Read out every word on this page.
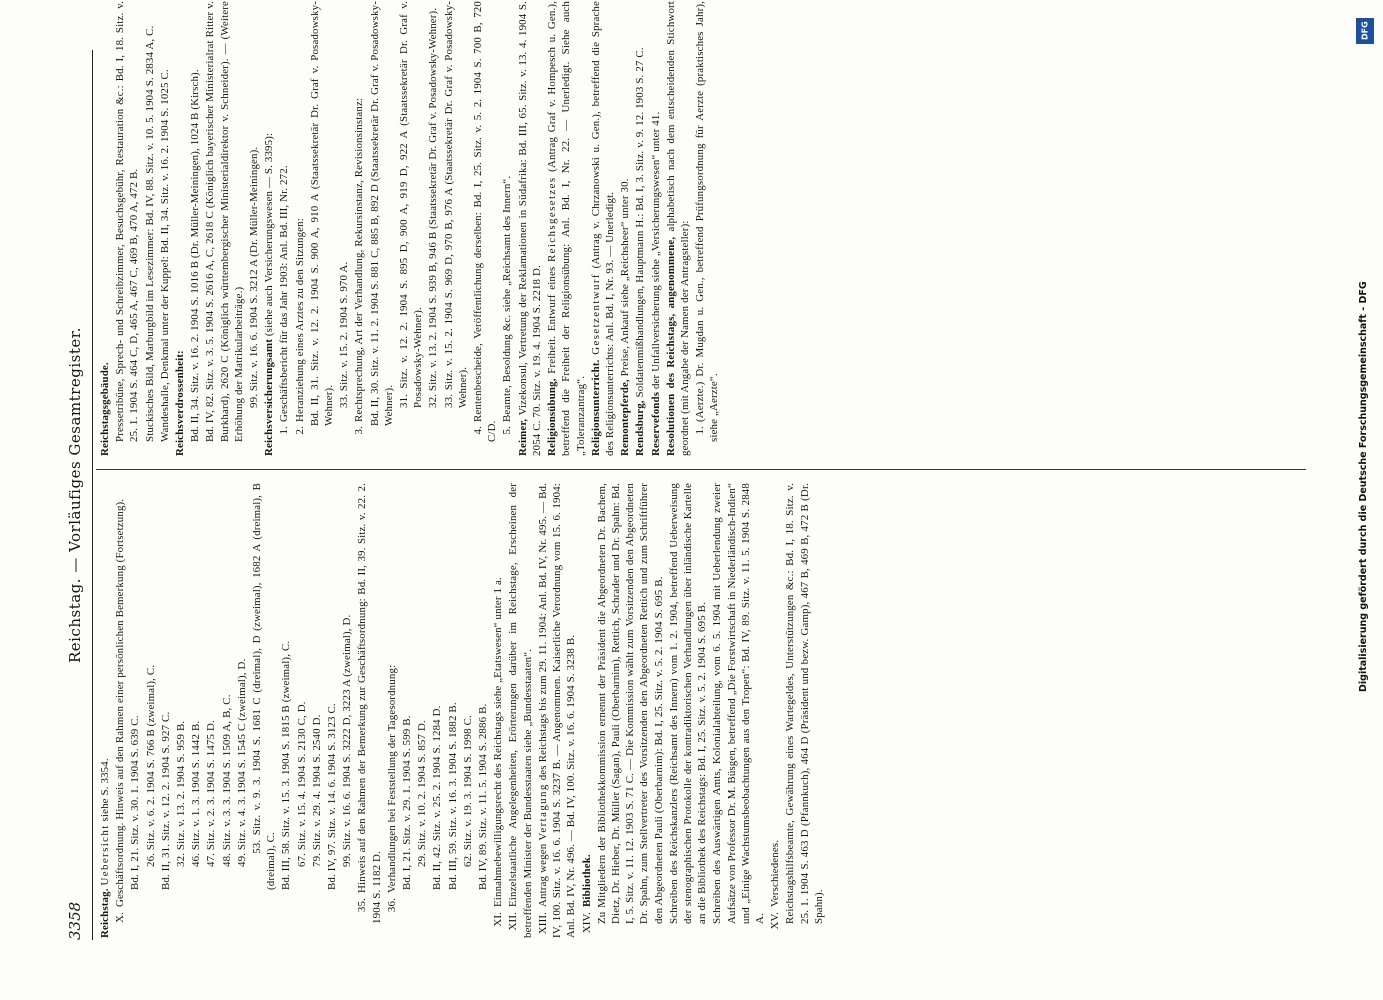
3358
Reichstag. — Vorläufiges Gesamtregister.
Reichstag. Uebersicht siehe S. 3354.
X.Geschäftsordnung. Hinweis auf den Rahmen einer persönlichen Bemerkung (Fortsetzung). Bd. I, 21. Sitz. v. 30. 1. 1904 S. 639 C. 26. Sitz. v. 6. 2. 1904 S. 766 B (zweimal), C. Bd. II, 31. Sitz. v. 12. 2. 1904 S. 927 C. 32. Sitz. v. 13. 2. 1904 S. 959 B. 46. Sitz. v. 1. 3. 1904 S. 1442 B. 47. Sitz. v. 2. 3. 1904 S. 1475 D. 48. Sitz. v. 3. 3. 1904 S. 1509 A, B, C. 49. Sitz. v. 4. 3. 1904 S. 1545 C (zweimal), D. 53. Sitz. v. 9. 3. 1904 S. 1681 C (dreimal), D (zweimal), 1682 A (dreimal), B (dreimal), C. Bd. III, 58. Sitz. v. 15. 3. 1904 S. 1815 B (zweimal), C. 67. Sitz. v. 15. 4. 1904 S. 2130 C, D. 79. Sitz. v. 29. 4. 1904 S. 2540 D. Bd. IV, 97. Sitz. v. 14. 6. 1904 S. 3123 C. 99. Sitz. v. 16. 6. 1904 S. 3222 D, 3223 A (zweimal), D.
35.Hinweis auf den Rahmen der Bemerkung zur Geschäftsordnung: Bd. II, 39. Sitz. v. 22. 2. 1904 S. 1182 D. 36.Verhandlungen bei Feststellung der Tagesordnung: Bd. I, 21. Sitz. v. 29. 1. 1904 S. 599 B. 29. Sitz. v. 10. 2. 1904 S. 857 D. Bd. II, 42. Sitz. v. 25. 2. 1904 S. 1284 D. Bd. III, 59. Sitz. v. 16. 3. 1904 S. 1882 B. 62. Sitz. v. 19. 3. 1904 S. 1998 C. Bd. IV, 89. Sitz. v. 11. 5. 1904 S. 2886 B.
XI.Einnahmebewilligungsrecht des Reichstags siehe „Etatswesen“ unter 1 a.
XII.Einzelstaatliche Angelegenheiten, Erörterungen darüber im Reichstage, Erscheinen der betreffenden Minister der Bundesstaaten siehe „Bundesstaaten“. XIII.Antrag wegen Vertagung des Reichstags bis zum 29. 11. 1904: Anl. Bd. IV, Nr. 495. — Bd. IV, 100. Sitz. v. 16. 6. 1904 S. 3237 B. — Angenommen. Kaiserliche Verordnung vom 15. 6. 1904: Anl. Bd. IV, Nr. 496. — Bd. IV, 100. Sitz. v. 16. 6. 1904 S. 3238 B. XIV.Bibliothek. Zu Mitgliedern der Bibliothekkommission ernennt der Präsident die Abgeordneten Dr. Bachem, Dietz, Dr. Hieber, Dr. Müller (Sagan), Pauli (Oberbarnim), Rettich, Schrader und Dr. Spahn: Bd. I, 5. Sitz. v. 11. 12. 1903 S. 71 C. — Die Kommission wählt zum Vorsitzenden den Abgeordneten Dr. Spahn, zum Stellvertreter des Vorsitzenden den Abgeordneten Rettich und zum Schriftführer den Abgeordneten Pauli (Oberbarnim): Bd. I, 25. Sitz. v. 5. 2. 1904 S. 695 B. Schreiben des Reichskanzlers (Reichsamt des Innern) vom 1. 2. 1904, betreffend Ueberweisung der stenographischen Protokolle der kontradiktorischen Verhandlungen über inländische Kartelle an die Bibliothek des Reichstags: Bd. I, 25. Sitz. v. 5. 2. 1904 S. 695 B. Schreiben des Auswärtigen Amts, Kolonialabteilung, vom 6. 5. 1904 mit Ueberlendung zweier Aufsätze von Professor Dr. M. Büsgen, betreffend „Die Forstwirtschaft in Niederländisch-Indien“ und „Einige Wachstumsbeobachtungen aus den Tropen“: Bd. IV, 89. Sitz. v. 11. 5. 1904 S. 2848 A. XV.Verschiedenes. Reichstagshilfsbeamte, Gewährung eines Wartegeldes, Unterstützungen &c.: Bd. I, 18. Sitz. v. 25. 1. 1904 S. 463 D (Pfannkuch), 464 D (Präsident und bezw. Gamp), 467 B, 469 B, 472 B (Dr. Spahn).
Reichstagsgebäude. Pressetribüne, Sprech- und Schreibzimmer, Besuchsgebühr, Restauration &c.: Bd. I, 18. Sitz. v. 25. 1. 1904 S. 464 C, D, 465 A, 467 C, 469 B, 470 A, 472 B. Stuckisches Bild, Marburgbild im Lesezimmer: Bd. IV, 88. Sitz. v. 10. 5. 1904 S. 2834 A, C. Wandeshalle, Denkmal unter der Kuppel: Bd. II, 34. Sitz. v. 16. 2. 1904 S. 1025 C. Reichsverdrossenheit: Bd. II, 34. Sitz. v. 16. 2. 1904 S. 1016 B (Dr. Müller-Meiningen), 1024 B (Kirsch). Bd. IV, 82. Sitz. v. 3. 5. 1904 S. 2616 A, C, 2618 C (Königlich bayerischer Ministerialrat Ritter v. Burkhard), 2620 C (Königlich württembergischer Ministerialdirektor v. Schneider). — (Weitere Erhöhung der Matrikularbeiträge.) 99. Sitz. v. 16. 6. 1904 S. 3212 A (Dr. Müller-Meiningen). Reichsversicherungsamt (siehe auch Versicherungswesen — S. 3395):
1.Geschäftsbericht für das Jahr 1903: Anl. Bd. III, Nr. 272.
2.Heranziehung eines Arztes zu den Sitzungen: Bd. II, 31. Sitz. v. 12. 2. 1904 S. 900 A, 910 A (Staatssekretär Dr. Graf v. Posadowsky-Wehner). 33. Sitz. v. 15. 2. 1904 S. 970 A.
3.Rechtsprechung, Art der Verhandlung, Rekursinstanz, Revisionsinstanz: Bd. II, 30. Sitz. v. 11. 2. 1904 S. 881 C, 885 B, 892 D (Staatssekretär Dr. Graf v. Posadowsky-Wehner). 31. Sitz. v. 12. 2. 1904 S. 895 D, 900 A, 919 D, 922 A (Staatssekretär Dr. Graf v. Posadowsky-Wehner). 32. Sitz. v. 13. 2. 1904 S. 939 B, 946 B (Staatssekretär Dr. Graf v. Posadowsky-Wehner). 33. Sitz. v. 15. 2. 1904 S. 969 D, 970 B, 976 A (Staatssekretär Dr. Graf v. Posadowsky-Wehner).
4.Rentenbescheide, Veröffentlichung derselben: Bd. I, 25. Sitz. v. 5. 2. 1904 S. 700 B, 720 C/D. 5.Beamte, Besoldung &c. siehe „Reichsamt des Innern“.
Reimer, Vizekonsul, Vertretung der Reklamationen in Südafrika: Bd. III, 65. Sitz. v. 13. 4. 1904 S. 2054 C. 70. Sitz. v. 19. 4. 1904 S. 2218 D. Religionsübung, Freiheit. Entwurf eines Reichsgesetzes (Antrag Graf v. Hompesch u. Gen.), betreffend die Freiheit der Religionsübung: Anl. Bd. I, Nr. 22. — Unerledigt. Siehe auch „Toleranzantrag“. Religionsunterricht. Gesetzentwurf (Antrag v. Chrzanowski u. Gen.), betreffend die Sprache des Religionsunterrichts: Anl. Bd. I, Nr. 93. — Unerledigt. Remontepferde, Preise, Ankauf siehe „Reichsheer“ unter 30.
Rendsburg, Soldatenmißhandlungen, Hauptmann H.: Bd. I, 3. Sitz. v. 9. 12. 1903 S. 27 C.
Reservefonds der Unfallversicherung siehe „Versicherungswesen“ unter 41. Resolutionen des Reichstags, angenommene, alphabetisch nach dem entscheidenden Stichwort geordnet (mit Angabe der Namen der Antragsteller): 1.(Aerzte.) Dr. Mugdan u. Gen., betreffend Prüfungsordnung für Aerzte (praktisches Jahr), siehe „Aerzte“.
DFG
Digitalisierung gefördert durch die Deutsche Forschungsgemeinschaft - DFG
